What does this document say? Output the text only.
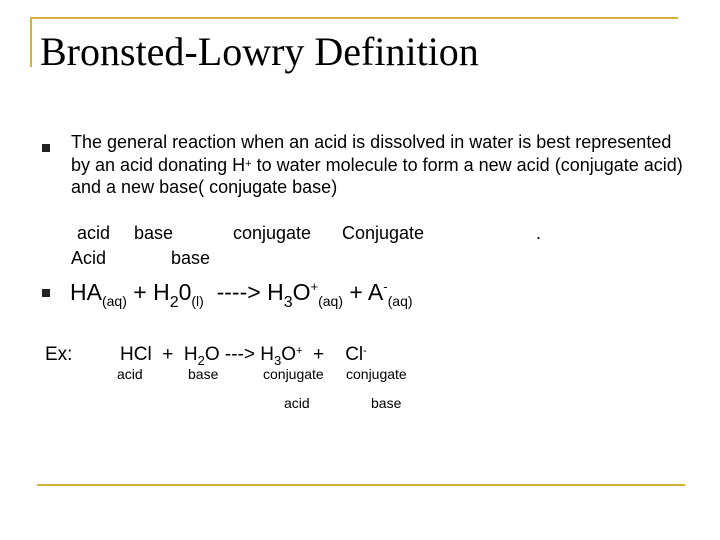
Bronsted-Lowry Definition
The general reaction when an acid is dissolved in water is best represented by an acid donating H+ to water molecule to form a new acid (conjugate acid) and a new base( conjugate base)
acid base	conjugate Conjugate	.
Acid	base
$HA_{(aq)} + H_20_{(l)}$  ----> $H_3O^+_{(aq)} + A^-_{(aq)}$
Ex:	HCl  +  $H_2O$ ---> $H_3O^+$  +    Cl-
acid	base	conjugate conjugate
acid	base
